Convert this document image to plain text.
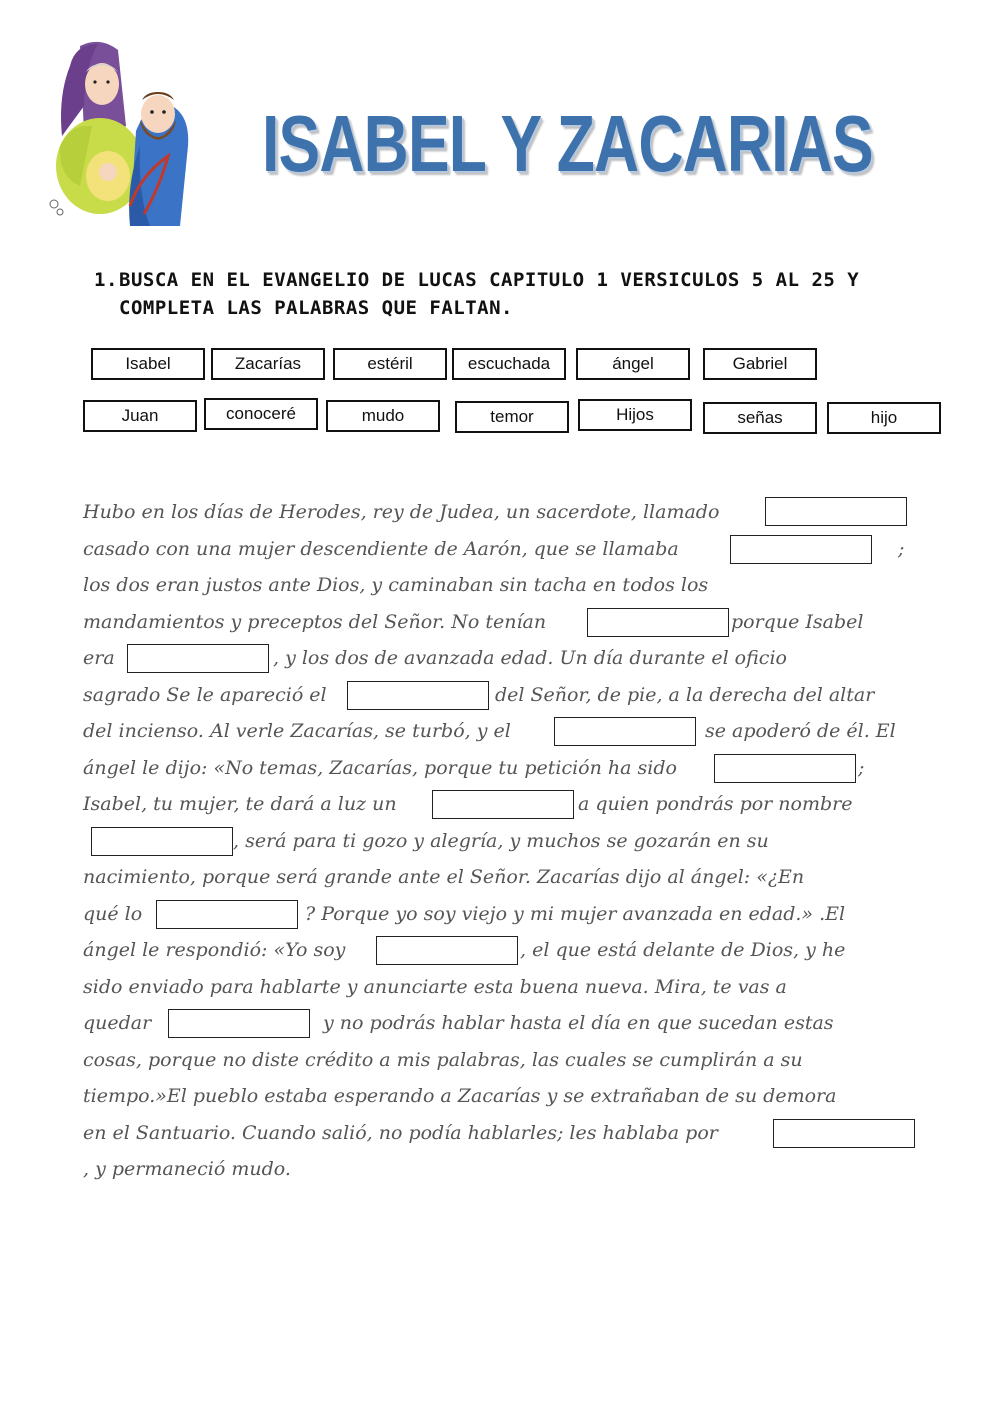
ISABEL Y ZACARIAS
1. BUSCA EN EL EVANGELIO DE LUCAS CAPITULO 1 VERSICULOS 5 AL 25 Y COMPLETA LAS PALABRAS QUE FALTAN.
Isabel	Zacarías	estéril	escuchada	ángel	Gabriel
Juan	conoceré	mudo	temor	Hijos	señas	hijo
Hubo en los días de Herodes, rey de Judea, un sacerdote, llamado
casado con una mujer descendiente de Aarón, que se llamaba	;
los dos eran justos ante Dios, y caminaban sin tacha en todos los
mandamientos y preceptos del Señor. No tenían	porque Isabel
era	, y los dos de avanzada edad. Un día durante el oficio
sagrado Se le apareció el	del Señor, de pie, a la derecha del altar
del incienso. Al verle Zacarías, se turbó, y el	se apoderó de él. El
ángel le dijo: «No temas, Zacarías, porque tu petición ha sido	;
Isabel, tu mujer, te dará a luz un	a quien pondrás por nombre
, será para ti gozo y alegría, y muchos se gozarán en su
nacimiento, porque será grande ante el Señor. Zacarías dijo al ángel: «¿En
qué lo	? Porque yo soy viejo y mi mujer avanzada en edad.» .El
ángel le respondió: «Yo soy	, el que está delante de Dios, y he
sido enviado para hablarte y anunciarte esta buena nueva. Mira, te vas a
quedar	y no podrás hablar hasta el día en que sucedan estas
cosas, porque no diste crédito a mis palabras, las cuales se cumplirán a su
tiempo.»El pueblo estaba esperando a Zacarías y se extrañaban de su demora
en el Santuario. Cuando salió, no podía hablarles; les hablaba por
, y permaneció mudo.
